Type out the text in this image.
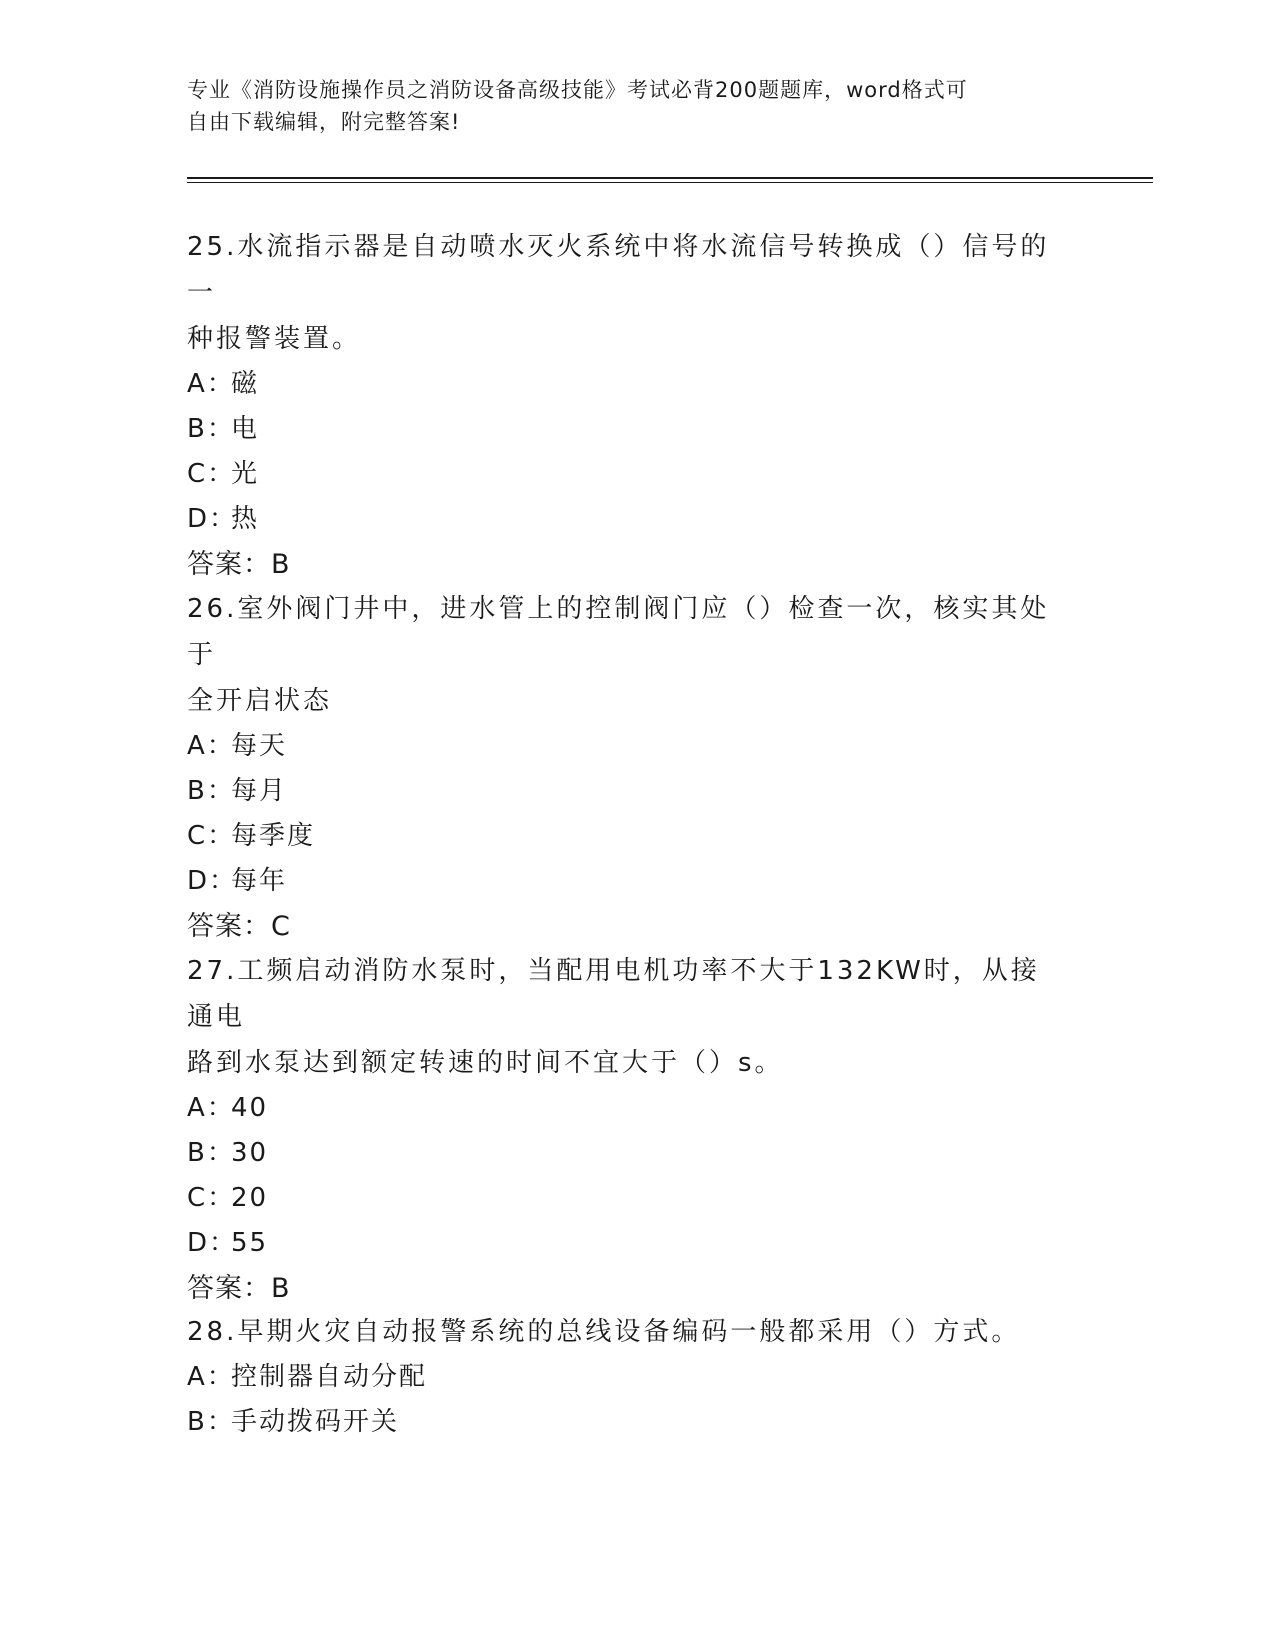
专业《消防设施操作员之消防设备高级技能》考试必背200题题库，word格式可
自由下载编辑，附完整答案!

25.水流指示器是自动喷水灭火系统中将水流信号转换成（）信号的一
种报警装置。

A：磁

B：电

C：光

D：热

答案：B

26.室外阀门井中，进水管上的控制阀门应（）检查一次，核实其处于
全开启状态

A：每天

B：每月

C：每季度

D：每年

答案：C

27.工频启动消防水泵时，当配用电机功率不大于132KW时，从接通电
路到水泵达到额定转速的时间不宜大于（）s。

A：40

B：30

C：20

D：55

答案：B

28.早期火灾自动报警系统的总线设备编码一般都采用（）方式。

A：控制器自动分配

B：手动拨码开关
